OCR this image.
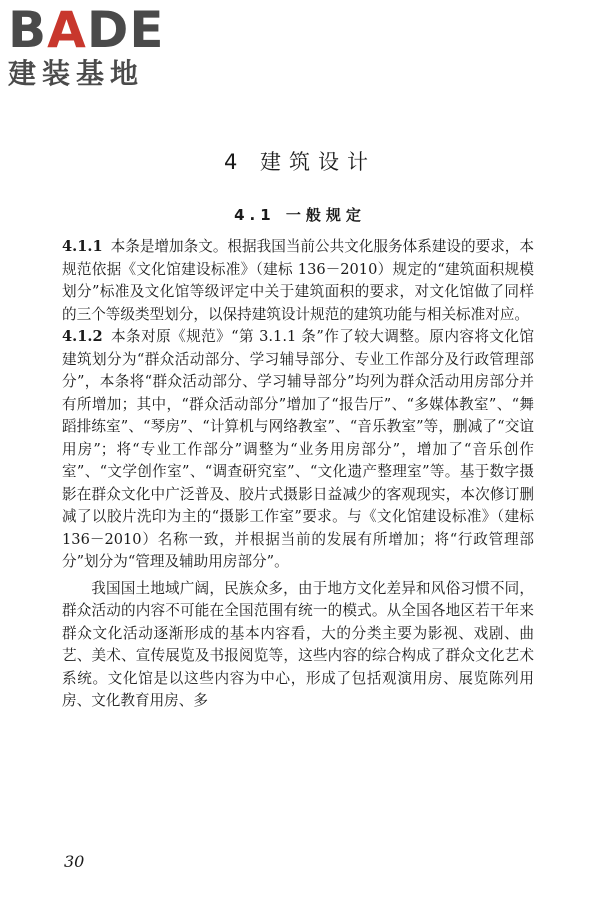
BADE
建装基地
4 建筑设计
4.1 一般规定

4.1.1 本条是增加条文。根据我国当前公共文化服务体系建设的要求，本规范依据《文化馆建设标准》（建标 136－2010）规定的“建筑面积规模划分”标准及文化馆等级评定中关于建筑面积的要求，对文化馆做了同样的三个等级类型划分，以保持建筑设计规范的建筑功能与相关标准对应。

4.1.2 本条对原《规范》“第 3.1.1 条”作了较大调整。原内容将文化馆建筑划分为“群众活动部分、学习辅导部分、专业工作部分及行政管理部分”，本条将“群众活动部分、学习辅导部分”均列为群众活动用房部分并有所增加；其中，“群众活动部分”增加了“报告厅”、“多媒体教室”、“舞蹈排练室”、“琴房”、“计算机与网络教室”、“音乐教室”等，删减了“交谊用房”；将“专业工作部分”调整为“业务用房部分”，增加了“音乐创作室”、“文学创作室”、“调查研究室”、“文化遗产整理室”等。基于数字摄影在群众文化中广泛普及、胶片式摄影日益减少的客观现实，本次修订删减了以胶片洗印为主的“摄影工作室”要求。与《文化馆建设标准》（建标 136－2010）名称一致，并根据当前的发展有所增加；将“行政管理部分”划分为“管理及辅助用房部分”。

我国国土地域广阔，民族众多，由于地方文化差异和风俗习惯不同，群众活动的内容不可能在全国范围有统一的模式。从全国各地区若干年来群众文化活动逐渐形成的基本内容看，大的分类主要为影视、戏剧、曲艺、美术、宣传展览及书报阅览等，这些内容的综合构成了群众文化艺术系统。文化馆是以这些内容为中心，形成了包括观演用房、展览陈列用房、文化教育用房、多

30
